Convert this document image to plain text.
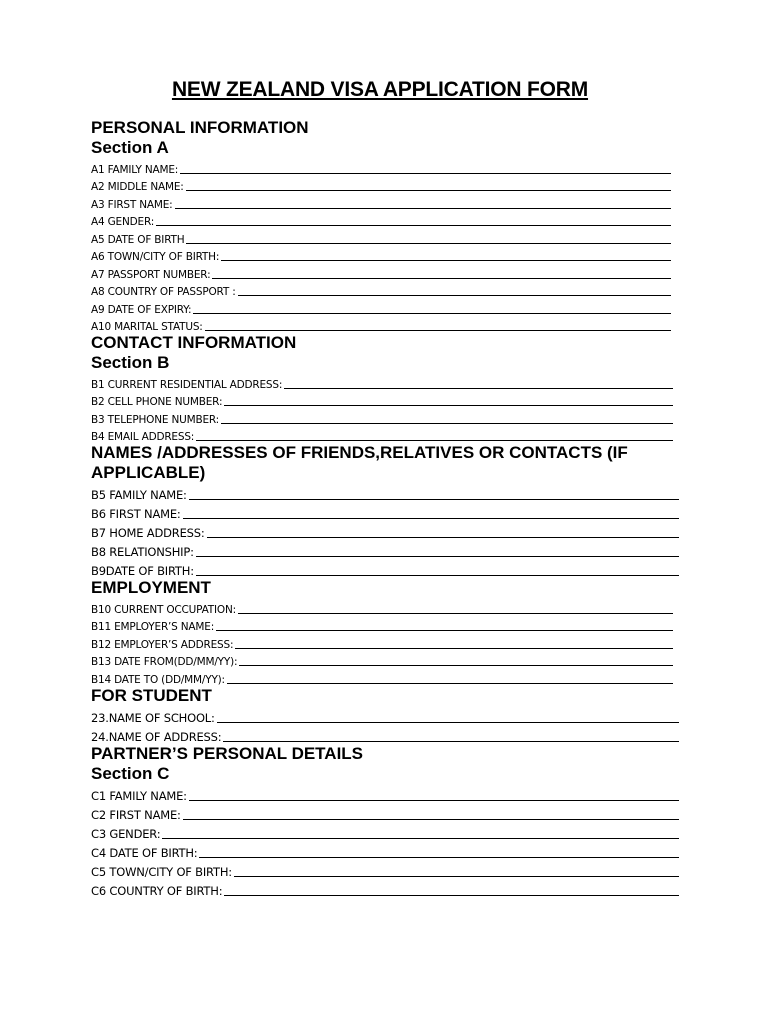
NEW ZEALAND VISA APPLICATION FORM
PERSONAL INFORMATION
Section A
A1 FAMILY NAME:
A2 MIDDLE NAME:
A3 FIRST NAME:
A4 GENDER:
A5 DATE OF BIRTH
A6 TOWN/CITY OF BIRTH:
A7 PASSPORT NUMBER:
A8 COUNTRY OF PASSPORT :
A9 DATE OF EXPIRY:
A10 MARITAL STATUS:
CONTACT INFORMATION
Section B
B1 CURRENT RESIDENTIAL ADDRESS:
B2 CELL PHONE NUMBER:
B3 TELEPHONE NUMBER:
B4 EMAIL ADDRESS:
NAMES /ADDRESSES OF FRIENDS,RELATIVES OR CONTACTS (IF APPLICABLE)
B5 FAMILY NAME:
B6 FIRST NAME:
B7 HOME ADDRESS:
B8 RELATIONSHIP:
B9DATE OF BIRTH:
EMPLOYMENT
B10 CURRENT OCCUPATION:
B11 EMPLOYER’S NAME:
B12 EMPLOYER’S ADDRESS:
B13 DATE FROM(DD/MM/YY):
B14 DATE TO (DD/MM/YY):
FOR STUDENT
23.NAME OF SCHOOL:
24.NAME OF ADDRESS:
PARTNER’S PERSONAL DETAILS
Section C
C1 FAMILY NAME:
C2 FIRST NAME:
C3 GENDER:
C4 DATE OF BIRTH:
C5 TOWN/CITY OF BIRTH:
C6 COUNTRY OF BIRTH:
